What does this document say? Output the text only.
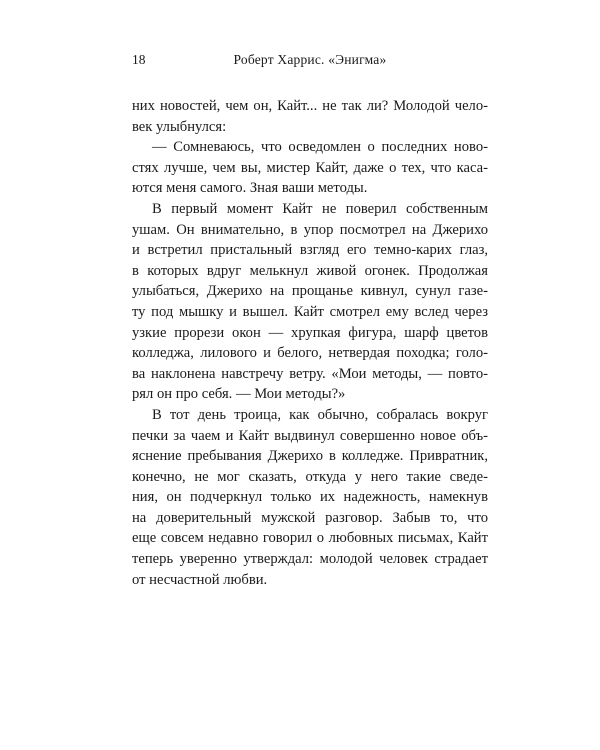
18	Роберт Харрис. «Энигма»

них новостей, чем он, Кайт... не так ли? Молодой чело-

век улыбнулся:

— Сомневаюсь, что осведомлен о последних ново-

стях лучше, чем вы, мистер Кайт, даже о тех, что каса-

ются меня самого. Зная ваши методы.

В первый момент Кайт не поверил собственным

ушам. Он внимательно, в упор посмотрел на Джерихо

и встретил пристальный взгляд его темно-карих глаз,

в которых вдруг мелькнул живой огонек. Продолжая

улыбаться, Джерихо на прощанье кивнул, сунул газе-

ту под мышку и вышел. Кайт смотрел ему вслед через

узкие прорези окон — хрупкая фигура, шарф цветов

колледжа, лилового и белого, нетвердая походка; голо-

ва наклонена навстречу ветру. «Мои методы, — повто-

рял он про себя. — Мои методы?»

В тот день троица, как обычно, собралась вокруг

печки за чаем и Кайт выдвинул совершенно новое объ-

яснение пребывания Джерихо в колледже. Привратник,

конечно, не мог сказать, откуда у него такие сведе-

ния, он подчеркнул только их надежность, намекнув

на доверительный мужской разговор. Забыв то, что

еще совсем недавно говорил о любовных письмах, Кайт

теперь уверенно утверждал: молодой человек страдает

от несчастной любви.
